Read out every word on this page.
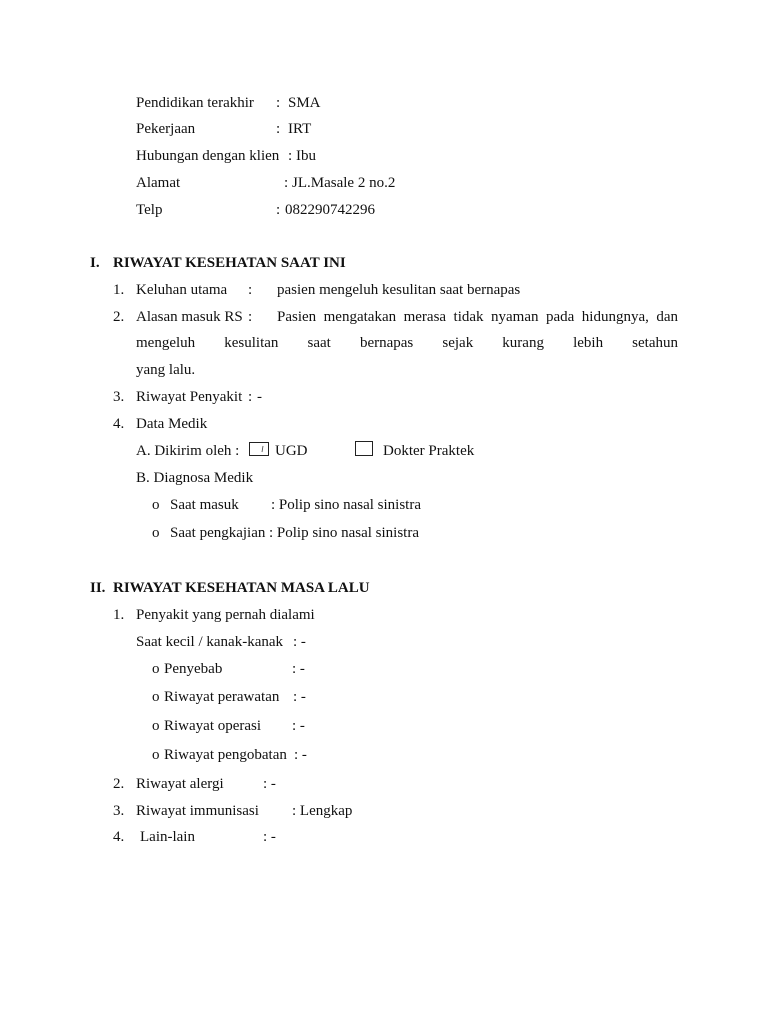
Pendidikan terakhir : SMA
Pekerjaan	: IRT
Hubungan dengan klien : Ibu
Alamat	: JL.Masale 2 no.2
Telp	: 082290742296
I. RIWAYAT KESEHATAN SAAT INI
1. Keluhan utama : pasien mengeluh kesulitan saat bernapas
2. Alasan masuk RS : Pasien mengatakan merasa tidak nyaman pada hidungnya, dan
mengeluh kesulitan saat bernapas sejak kurang lebih setahun
yang lalu.
3. Riwayat Penyakit : -
4. Data Medik
A. Dikirim oleh : UGD	Dokter Praktek
B. Diagnosa Medik
o Saat masuk : Polip sino nasal sinistra
o Saat pengkajian : Polip sino nasal sinistra
II. RIWAYAT KESEHATAN MASA LALU
1. Penyakit yang pernah dialami
Saat kecil / kanak-kanak : -
o Penyebab	: -
o Riwayat perawatan : -
o Riwayat operasi : -
o Riwayat pengobatan : -
2. Riwayat alergi	: -
3. Riwayat immunisasi : Lengkap
4. Lain-lain	: -
